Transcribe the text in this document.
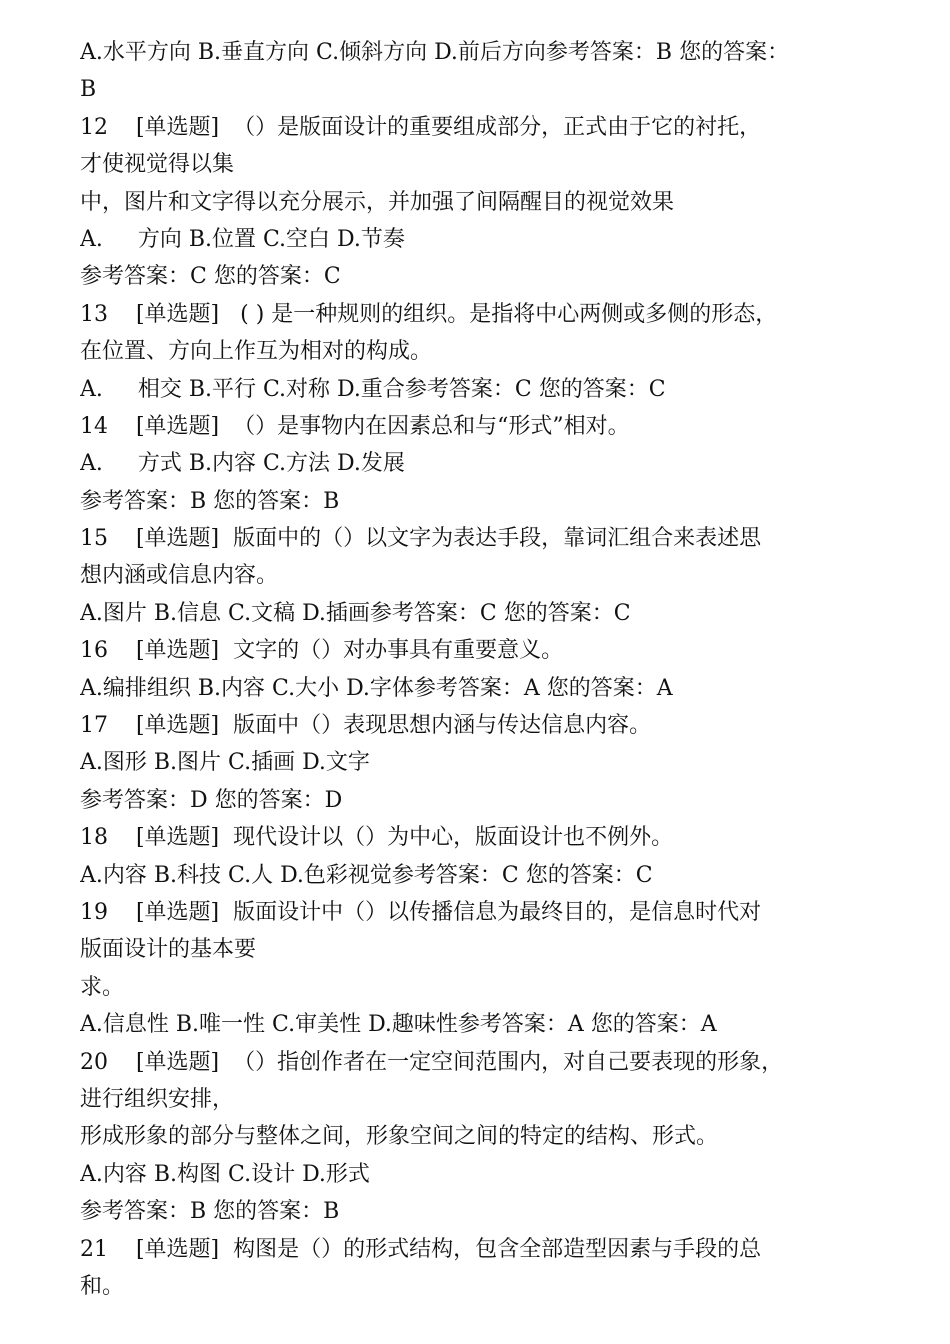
A.水平方向 B.垂直方向 C.倾斜方向 D.前后方向参考答案：B 您的答案：
B
12    [单选题]  （）是版面设计的重要组成部分，正式由于它的衬托，
才使视觉得以集
中，图片和文字得以充分展示，并加强了间隔醒目的视觉效果
A.     方向 B.位置 C.空白 D.节奏
参考答案：C 您的答案：C
13    [单选题]   ( ) 是一种规则的组织。是指将中心两侧或多侧的形态，
在位置、方向上作互为相对的构成。
A.     相交 B.平行 C.对称 D.重合参考答案：C 您的答案：C
14    [单选题]  （）是事物内在因素总和与“形式”相对。
A.     方式 B.内容 C.方法 D.发展
参考答案：B 您的答案：B
15    [单选题]  版面中的（）以文字为表达手段，靠词汇组合来表述思
想内涵或信息内容。
A.图片 B.信息 C.文稿 D.插画参考答案：C 您的答案：C
16    [单选题]  文字的（）对办事具有重要意义。
A.编排组织 B.内容 C.大小 D.字体参考答案：A 您的答案：A
17    [单选题]  版面中（）表现思想内涵与传达信息内容。
A.图形 B.图片 C.插画 D.文字
参考答案：D 您的答案：D
18    [单选题]  现代设计以（）为中心，版面设计也不例外。
A.内容 B.科技 C.人 D.色彩视觉参考答案：C 您的答案：C
19    [单选题]  版面设计中（）以传播信息为最终目的，是信息时代对
版面设计的基本要
求。
A.信息性 B.唯一性 C.审美性 D.趣味性参考答案：A 您的答案：A
20    [单选题]  （）指创作者在一定空间范围内，对自己要表现的形象，
进行组织安排，
形成形象的部分与整体之间，形象空间之间的特定的结构、形式。
A.内容 B.构图 C.设计 D.形式
参考答案：B 您的答案：B
21    [单选题]  构图是（）的形式结构，包含全部造型因素与手段的总
和。
